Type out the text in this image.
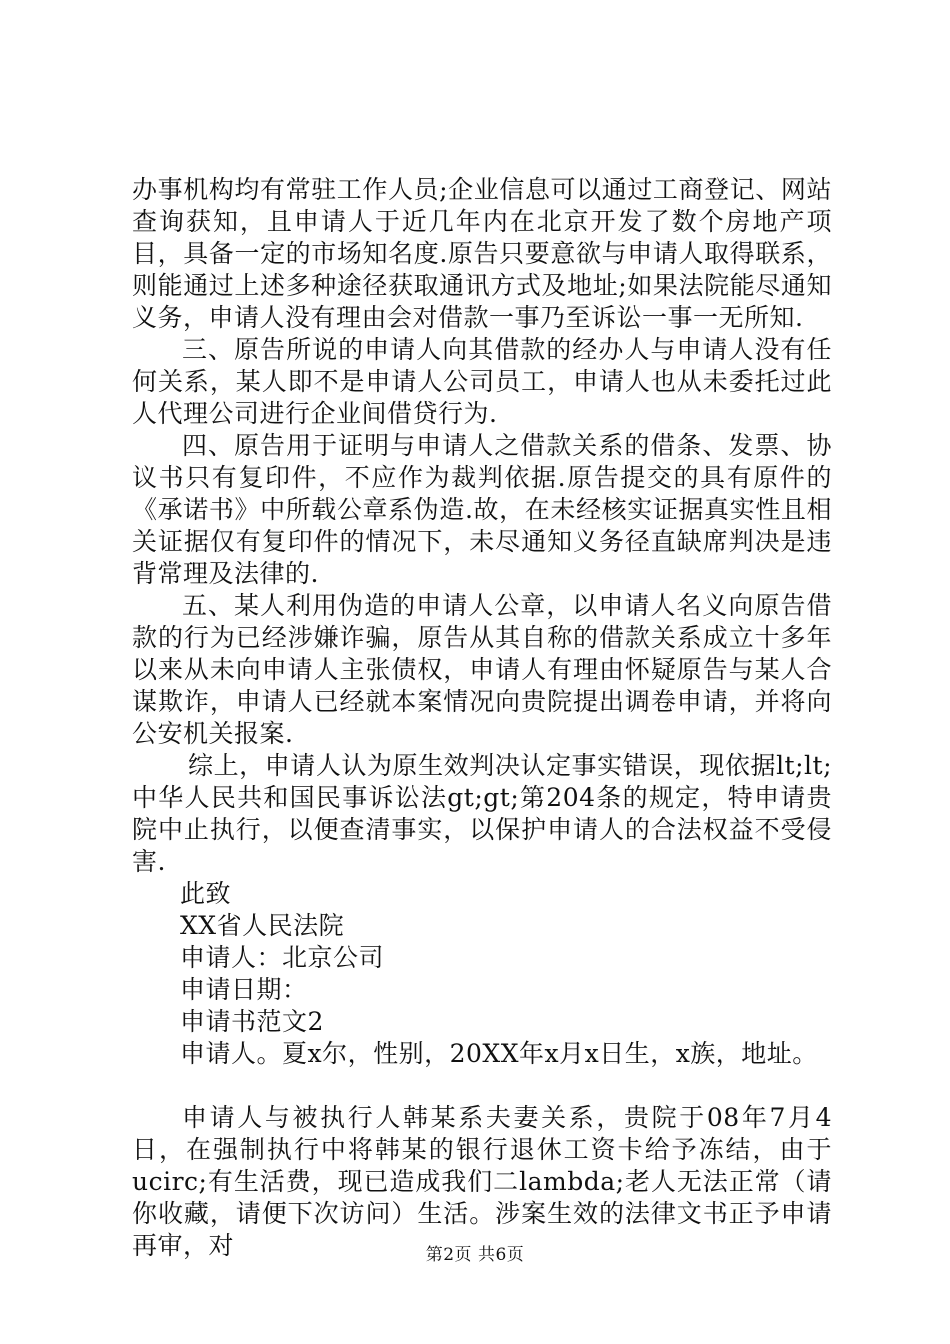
办事机构均有常驻工作人员;企业信息可以通过工商登记、网站查询获知，且申请人于近几年内在北京开发了数个房地产项目，具备一定的市场知名度.原告只要意欲与申请人取得联系，则能通过上述多种途径获取通讯方式及地址;如果法院能尽通知义务，申请人没有理由会对借款一事乃至诉讼一事一无所知.

三、原告所说的申请人向其借款的经办人与申请人没有任何关系，某人即不是申请人公司员工，申请人也从未委托过此人代理公司进行企业间借贷行为.

四、原告用于证明与申请人之借款关系的借条、发票、协议书只有复印件，不应作为裁判依据.原告提交的具有原件的《承诺书》中所载公章系伪造.故，在未经核实证据真实性且相关证据仅有复印件的情况下，未尽通知义务径直缺席判决是违背常理及法律的.

五、某人利用伪造的申请人公章，以申请人名义向原告借款的行为已经涉嫌诈骗，原告从其自称的借款关系成立十多年以来从未向申请人主张债权，申请人有理由怀疑原告与某人合谋欺诈，申请人已经就本案情况向贵院提出调卷申请，并将向公安机关报案.

综上，申请人认为原生效判决认定事实错误，现依据lt;lt;中华人民共和国民事诉讼法gt;gt;第204条的规定，特申请贵院中止执行，以便查清事实，以保护申请人的合法权益不受侵害.

此致

XX省人民法院

申请人：北京公司

申请日期：

申请书范文2

申请人。夏x尔，性别，20XX年x月x日生，x族，地址。

申请人与被执行人韩某系夫妻关系，贵院于08年7月4日，在强制执行中将韩某的银行退休工资卡给予冻结，由于ucirc;有生活费，现已造成我们二lambda;老人无法正常（请你收藏，请便下次访问）生活。涉案生效的法律文书正予申请再审，对	第2页 共6页
